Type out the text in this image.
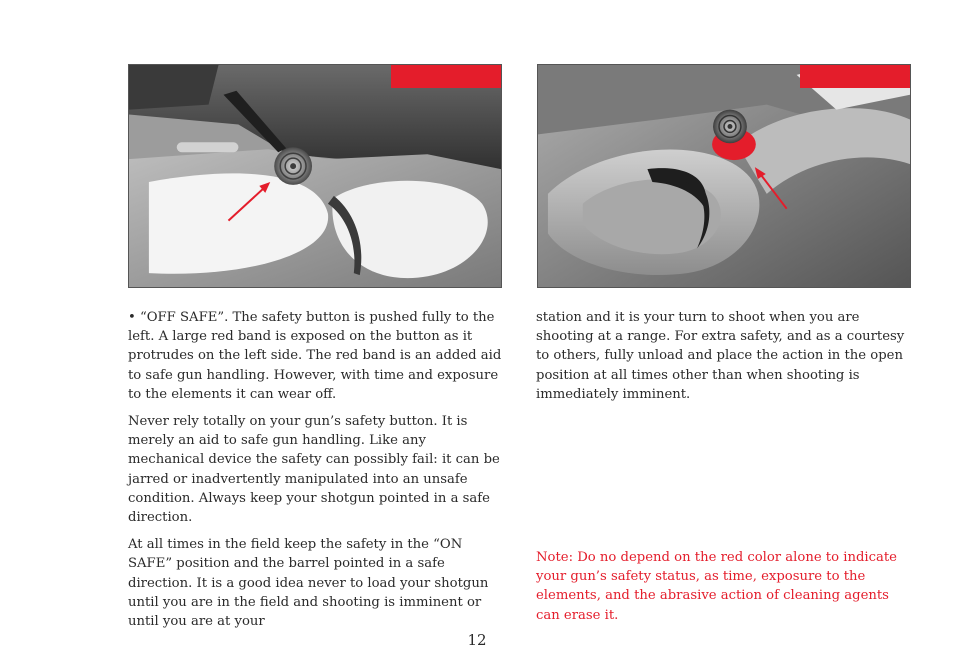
• “OFF SAFE”. The safety button is pushed fully to the left. A large red band is exposed on the button as it protrudes on the left side. The red band is an added aid to safe gun handling. However, with time and exposure to the elements it can wear off.

Never rely totally on your gun’s safety button. It is merely an aid to safe gun handling. Like any mechanical device the safety can possibly fail: it can be jarred or inadvertently manipulated into an unsafe condition. Always keep your shotgun pointed in a safe direction.

At all times in the field keep the safety in the “ON SAFE” position and the barrel pointed in a safe direction. It is a good idea never to load your shotgun until you are in the field and shooting is imminent or until you are at your

station and it is your turn to shoot when you are shooting at a range. For extra safety, and as a courtesy to others, fully unload and place the action in the open position at all times other than when shooting is immediately imminent.

Note: Do no depend on the red color alone to indicate your gun’s safety status, as time, exposure to the elements, and the abrasive action of cleaning agents can erase it.
12
